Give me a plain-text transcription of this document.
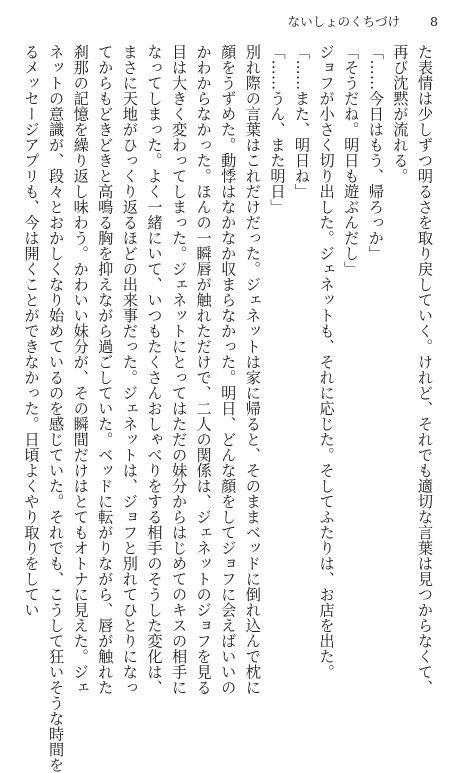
ないしょのくちづけ 8

た表情は少しずつ明るさを取り戻していく。けれど、それでも適切な言葉は見つからなくて、

再び沈黙が流れる。

「……今日はもう、帰ろっか」

「そうだね。明日も遊ぶんだし」

ジョフが小さく切り出した。ジェネットも、それに応じた。そしてふたりは、お店を出た。

「……また、明日ね」

「……うん、また明日」

別れ際の言葉はこれだけだった。ジェネットは家に帰ると、そのままベッドに倒れ込んで枕に

顔をうずめた。動悸はなかなか収まらなかった。明日、どんな顔をしてジョフに会えばいいの

かわからなかった。ほんの一瞬唇が触れただけで、二人の関係は、ジェネットのジョフを見る

目は大きく変わってしまった。ジェネットにとってはただの妹分からはじめてのキスの相手に

なってしまった。よく一緒にいて、いつもたくさんおしゃべりをする相手のそうした変化は、

まさに天地がひっくり返るほどの出来事だった。ジェネットは、ジョフと別れてひとりになっ

てからもどきどきと高鳴る胸を抑えながら過ごしていた。ベッドに転がりながら、唇が触れた

刹那の記憶を繰り返し味わう。かわいい妹分が、その瞬間だけはとてもオトナに見えた。ジェ

ネットの意識が、段々とおかしくなり始めているのを感じていた。それでも、こうして狂いそうな時間を

るメッセージアプリも、今は開くことができなかった。日頃よくやり取りをしてい
